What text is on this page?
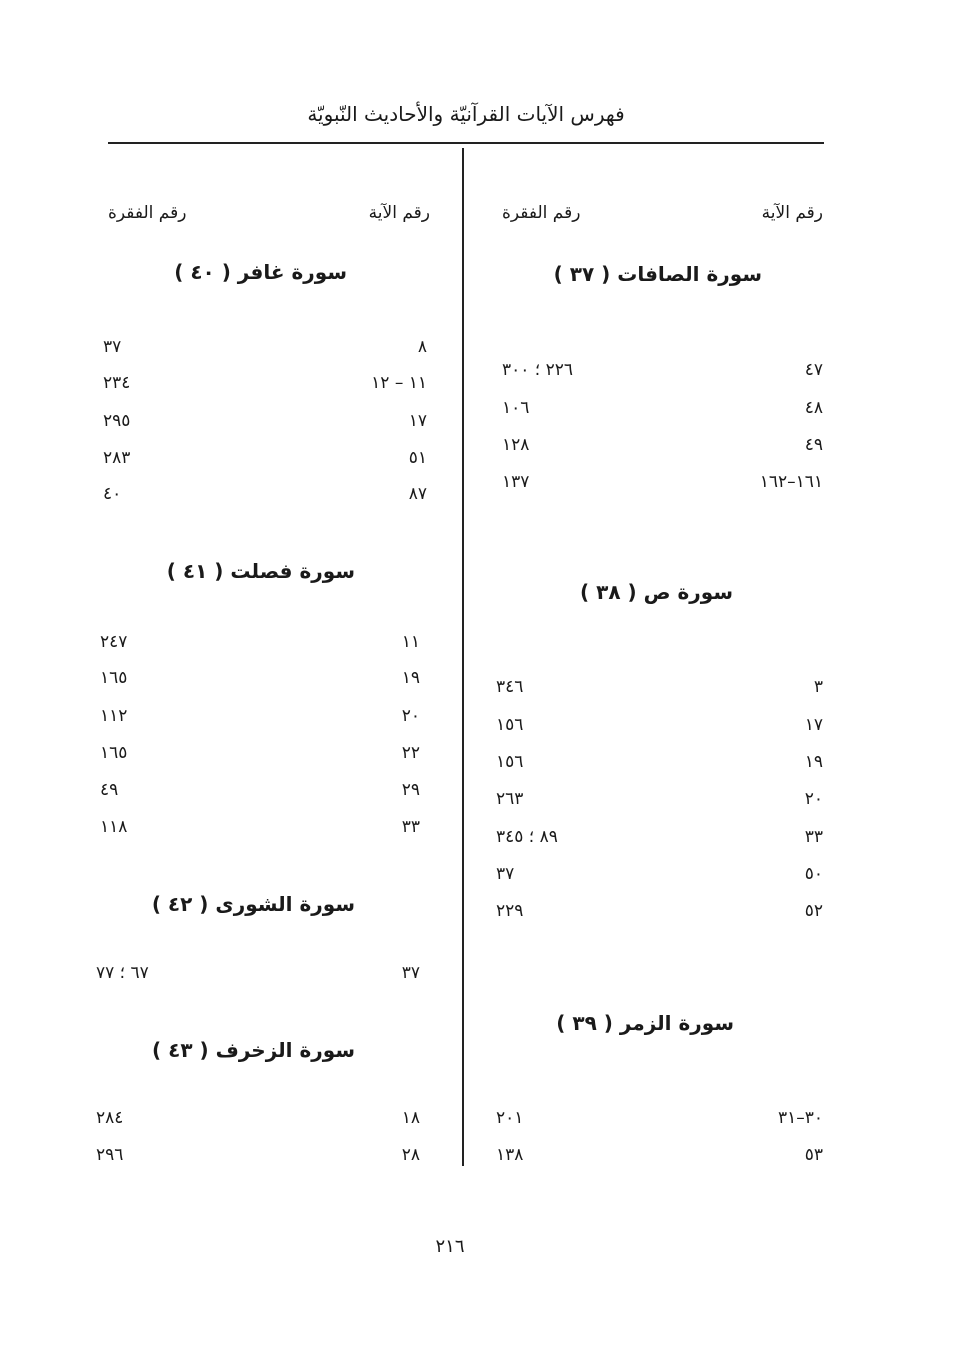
فهرس الآيات القرآنيّة والأحاديث النّبويّة
رقم الآية
رقم الفقرة
رقم الآية
رقم الفقرة
سورة الصافات ( ٣٧ )
٤٧
٢٢٦ ؛ ٣٠٠
٤٨
١٠٦
٤٩
١٢٨
١٦١–١٦٢
١٣٧
سورة ص ( ٣٨ )
٣
٣٤٦
١٧
١٥٦
١٩
١٥٦
٢٠
٢٦٣
٣٣
٨٩ ؛ ٣٤٥
٥٠
٣٧
٥٢
٢٢٩
سورة الزمر ( ٣٩ )
٣٠–٣١
٢٠١
٥٣
١٣٨
سورة غافر ( ٤٠ )
٨
٣٧
١١ – ١٢
٢٣٤
١٧
٢٩٥
٥١
٢٨٣
٨٧
٤٠
سورة فصلت ( ٤١ )
١١
٢٤٧
١٩
١٦٥
٢٠
١١٢
٢٢
١٦٥
٢٩
٤٩
٣٣
١١٨
سورة الشورى ( ٤٢ )
٣٧
٦٧ ؛ ٧٧
سورة الزخرف ( ٤٣ )
١٨
٢٨٤
٢٨
٢٩٦
٢١٦
